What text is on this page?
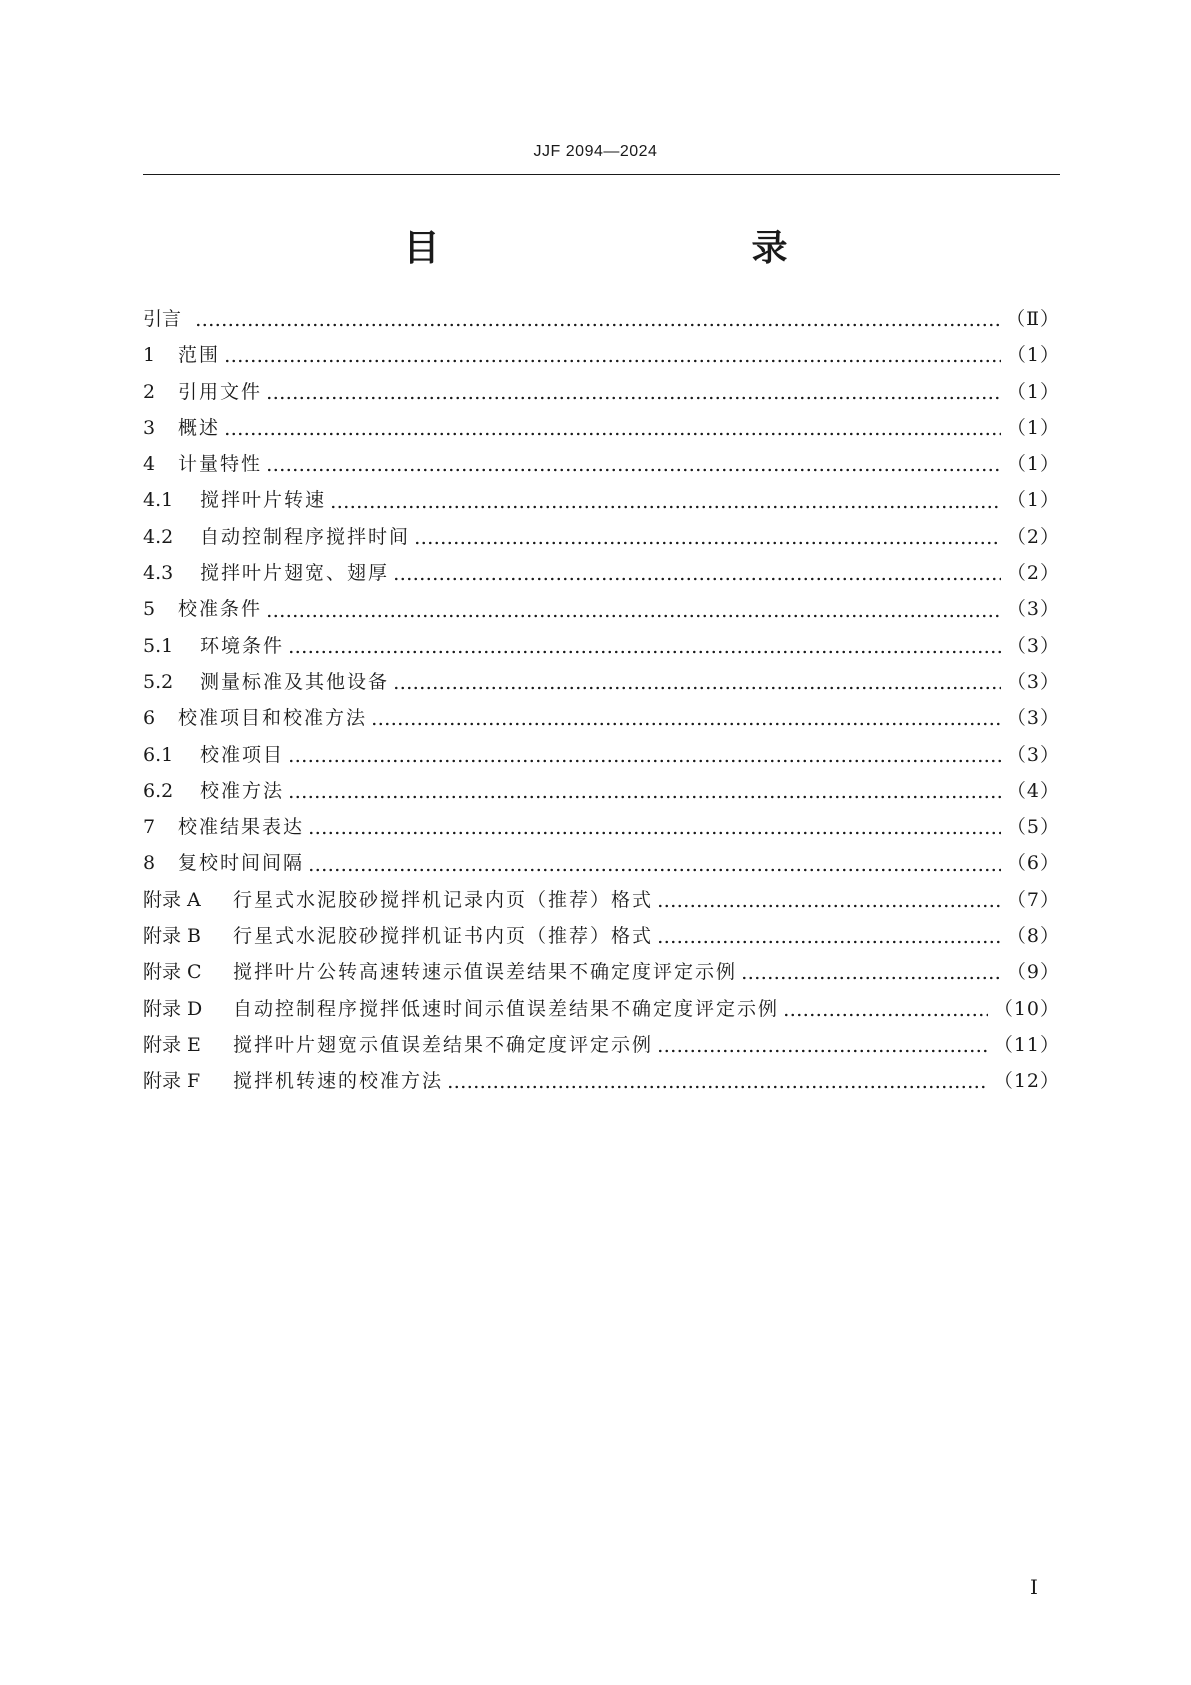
JJF 2094—2024
目　　录
引言	（Ⅱ）
1	范围	（1）
2	引用文件	（1）
3	概述	（1）
4	计量特性	（1）
4.1	搅拌叶片转速	（1）
4.2	自动控制程序搅拌时间	（2）
4.3	搅拌叶片翅宽、翅厚	（2）
5	校准条件	（3）
5.1	环境条件	（3）
5.2	测量标准及其他设备	（3）
6	校准项目和校准方法	（3）
6.1	校准项目	（3）
6.2	校准方法	（4）
7	校准结果表达	（5）
8	复校时间间隔	（6）
附录 A	行星式水泥胶砂搅拌机记录内页（推荐）格式	（7）
附录 B	行星式水泥胶砂搅拌机证书内页（推荐）格式	（8）
附录 C	搅拌叶片公转高速转速示值误差结果不确定度评定示例	（9）
附录 D	自动控制程序搅拌低速时间示值误差结果不确定度评定示例	（10）
附录 E	搅拌叶片翅宽示值误差结果不确定度评定示例	（11）
附录 F	搅拌机转速的校准方法	（12）
I
